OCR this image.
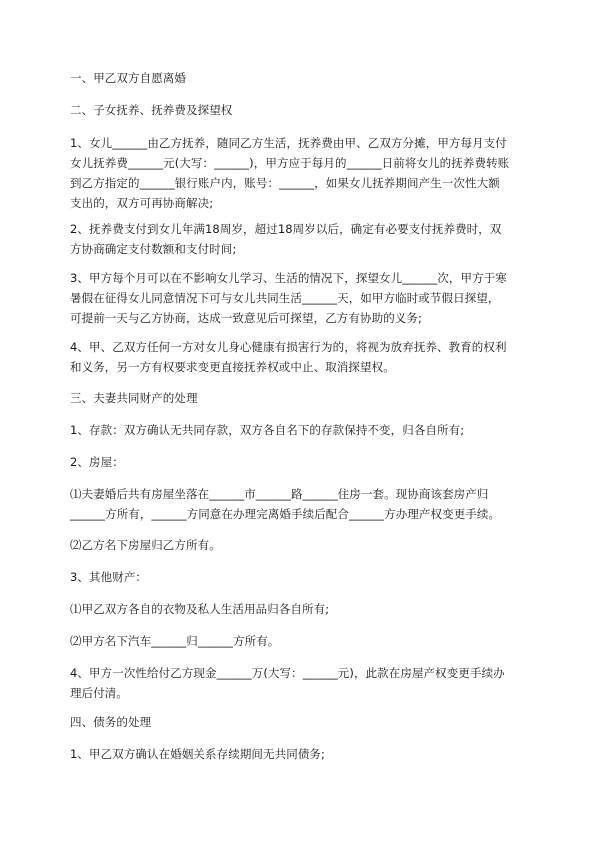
一、甲乙双方自愿离婚
二、子女抚养、抚养费及探望权
1、女儿______由乙方抚养，随同乙方生活，抚养费由甲、乙双方分摊，甲方每月支付
女儿抚养费______元(大写：______)，甲方应于每月的______日前将女儿的抚养费转账
到乙方指定的______银行账户内，账号：______，如果女儿抚养期间产生一次性大额
支出的，双方可再协商解决;
2、抚养费支付到女儿年满18周岁，超过18周岁以后，确定有必要支付抚养费时，双
方协商确定支付数额和支付时间;
3、甲方每个月可以在不影响女儿学习、生活的情况下，探望女儿______次，甲方于寒
暑假在征得女儿同意情况下可与女儿共同生活______天，如甲方临时或节假日探望，
可提前一天与乙方协商，达成一致意见后可探望，乙方有协助的义务;
4、甲、乙双方任何一方对女儿身心健康有损害行为的，将视为放弃抚养、教育的权利
和义务，另一方有权要求变更直接抚养权或中止、取消探望权。
三、夫妻共同财产的处理
1、存款：双方确认无共同存款，双方各自名下的存款保持不变，归各自所有;
2、房屋：
⑴夫妻婚后共有房屋坐落在______市______路______住房一套。现协商该套房产归
______方所有，______方同意在办理完离婚手续后配合______方办理产权变更手续。
⑵乙方名下房屋归乙方所有。
3、其他财产：
⑴甲乙双方各自的衣物及私人生活用品归各自所有;
⑵甲方名下汽车______归______方所有。
4、甲方一次性给付乙方现金______万(大写：______元)，此款在房屋产权变更手续办
理后付清。
四、债务的处理
1、甲乙双方确认在婚姻关系存续期间无共同债务;
